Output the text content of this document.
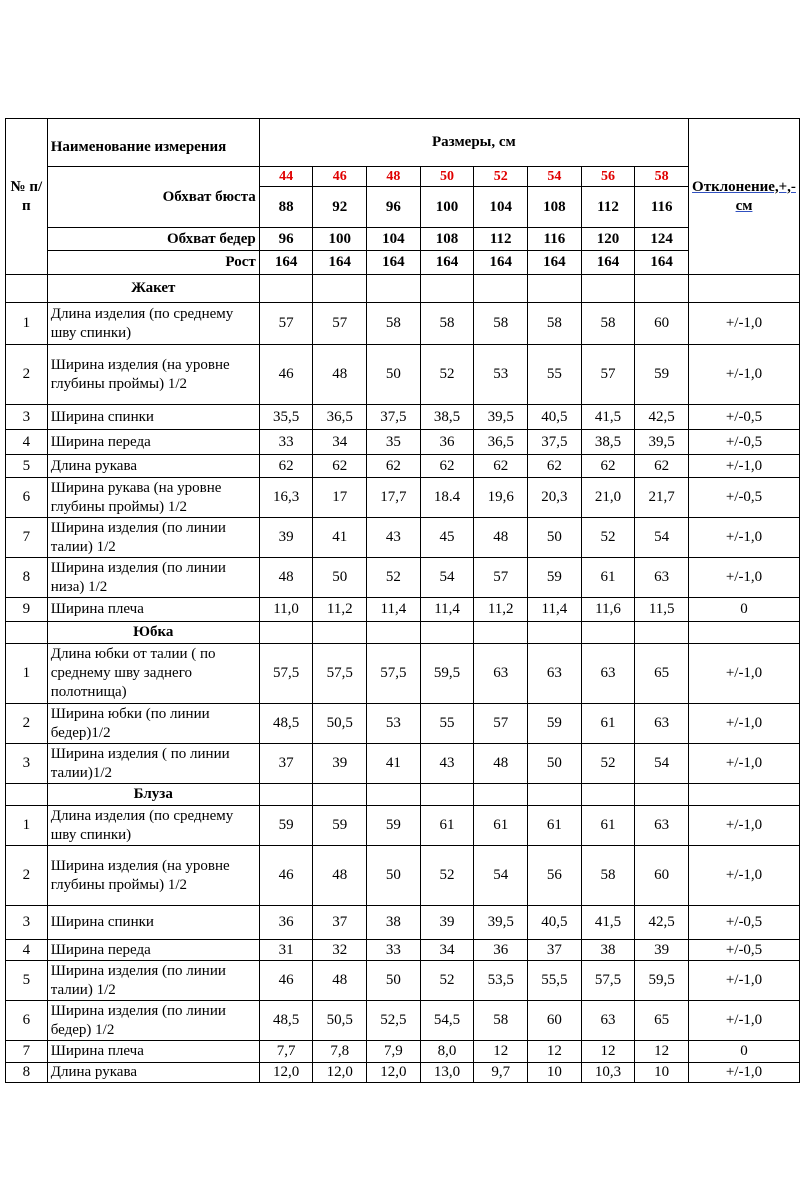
№ п/п	Наименование измерения	Размеры, см								Отклонение,+,-см
	Обхват бюста	44	46	48	50	52	54	56	58	
		88	92	96	100	104	108	112	116	
	Обхват бедер	96	100	104	108	112	116	120	124	
	Рост	164	164	164	164	164	164	164	164	
	Жакет									
1	Длина изделия (по среднему шву спинки)	57	57	58	58	58	58	58	60	+/-1,0
2	Ширина изделия (на уровне глубины проймы) 1/2	46	48	50	52	53	55	57	59	+/-1,0
3	Ширина спинки	35,5	36,5	37,5	38,5	39,5	40,5	41,5	42,5	+/-0,5
4	Ширина переда	33	34	35	36	36,5	37,5	38,5	39,5	+/-0,5
5	Длина рукава	62	62	62	62	62	62	62	62	+/-1,0
6	Ширина рукава (на уровне глубины проймы) 1/2	16,3	17	17,7	18.4	19,6	20,3	21,0	21,7	+/-0,5
7	Ширина изделия (по линии талии) 1/2	39	41	43	45	48	50	52	54	+/-1,0
8	Ширина изделия (по линии низа) 1/2	48	50	52	54	57	59	61	63	+/-1,0
9	Ширина плеча	11,0	11,2	11,4	11,4	11,2	11,4	11,6	11,5	0
	Юбка									
1	Длина юбки от талии ( по среднему шву заднего полотнища)	57,5	57,5	57,5	59,5	63	63	63	65	+/-1,0
2	Ширина юбки (по линии бедер)1/2	48,5	50,5	53	55	57	59	61	63	+/-1,0
3	Ширина изделия ( по линии талии)1/2	37	39	41	43	48	50	52	54	+/-1,0
	Блуза									
1	Длина изделия (по среднему шву спинки)	59	59	59	61	61	61	61	63	+/-1,0
2	Ширина изделия (на уровне глубины проймы) 1/2	46	48	50	52	54	56	58	60	+/-1,0
3	Ширина спинки	36	37	38	39	39,5	40,5	41,5	42,5	+/-0,5
4	Ширина переда	31	32	33	34	36	37	38	39	+/-0,5
5	Ширина изделия (по линии талии) 1/2	46	48	50	52	53,5	55,5	57,5	59,5	+/-1,0
6	Ширина изделия (по линии бедер) 1/2	48,5	50,5	52,5	54,5	58	60	63	65	+/-1,0
7	Ширина плеча	7,7	7,8	7,9	8,0	12	12	12	12	0
8	Длина рукава	12,0	12,0	12,0	13,0	9,7	10	10,3	10	+/-1,0
